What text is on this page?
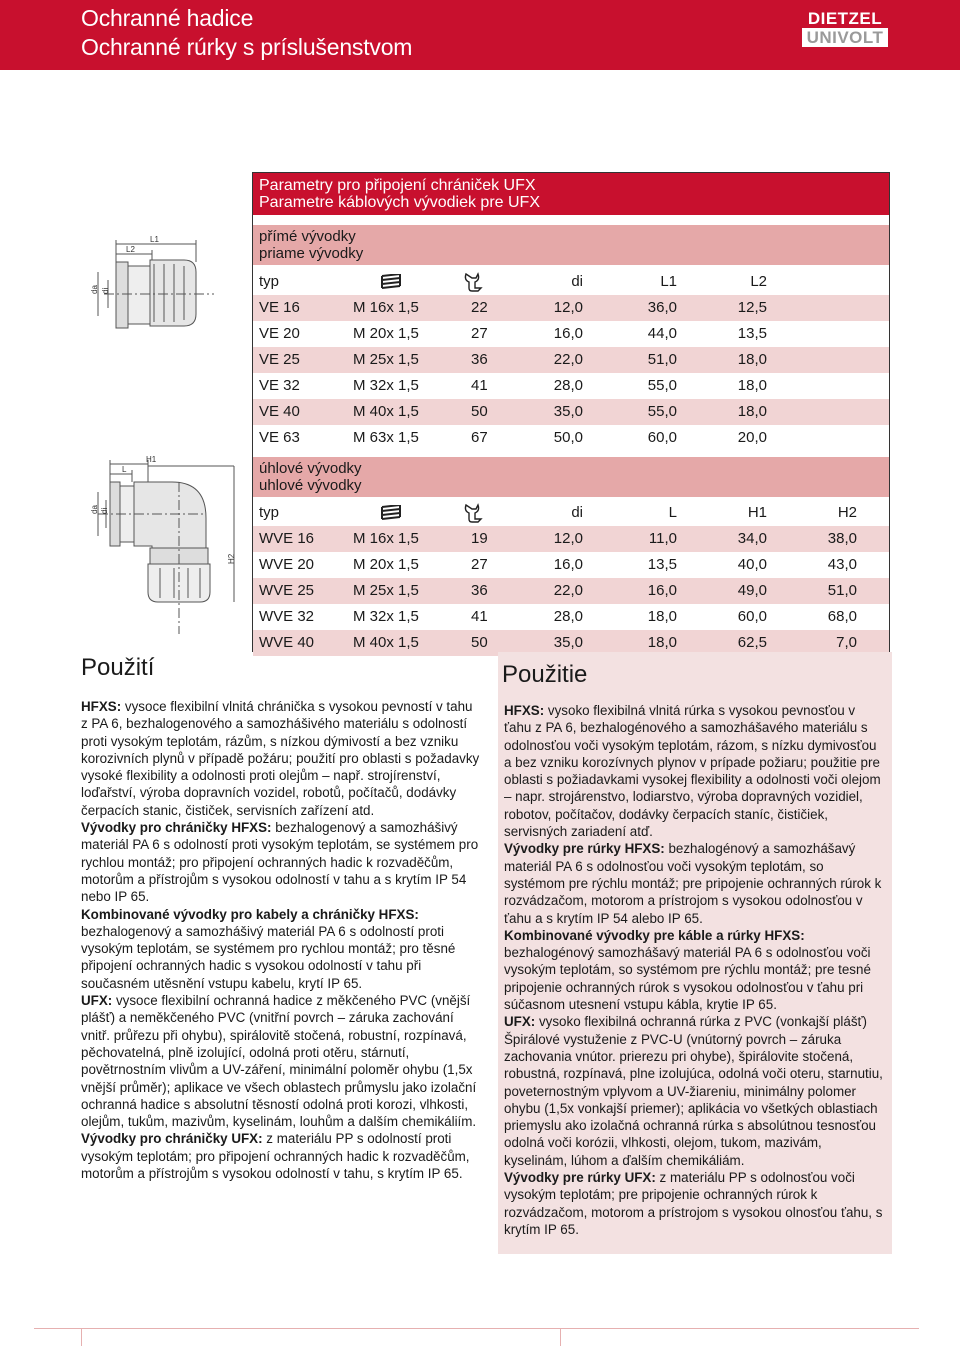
Ochranné hadice
Ochranné rúrky s príslušenstvom
DIETZEL
UNIVOLT
L1
L2
da di
L
H1
H2
da di
Parametry pro připojení chrániček UFX
Parametre káblových vývodiek pre UFX
přímé vývodky
priame vývodky
typ	di	L1	L2
VE 16	M 16x 1,5	22	12,0	36,0	12,5
VE 20	M 20x 1,5	27	16,0	44,0	13,5
VE 25	M 25x 1,5	36	22,0	51,0	18,0
VE 32	M 32x 1,5	41	28,0	55,0	18,0
VE 40	M 40x 1,5	50	35,0	55,0	18,0
VE 63	M 63x 1,5	67	50,0	60,0	20,0
úhlové vývodky
uhlové vývodky
typ	di	L	H1	H2
WVE 16	M 16x 1,5	19	12,0	11,0	34,0	38,0
WVE 20	M 20x 1,5	27	16,0	13,5	40,0	43,0
WVE 25	M 25x 1,5	36	22,0	16,0	49,0	51,0
WVE 32	M 32x 1,5	41	28,0	18,0	60,0	68,0
WVE 40	M 40x 1,5	50	35,0	18,0	62,5	7,0
Použití

HFXS: vysoko flexibilná vlnitá rúrka s vysokou pevnosťou v ťahu z PA 6, bezhalogénového a samozhášavého materiálu s odolnosťou voči vysokým teplotám, rázom, s nízku dymivosťou a bez vzniku korozívnych plynov v prípade požiaru; použitie pre oblasti s požiadavkami vysokej flexibility a odolnosti voči olejom – napr. strojárenstvo, lodiarstvo, výroba dopravných vozidiel, robotov, počítačov, dodávky čerpacích staníc, čističiek, servisných zariadení atď.

Vývodky pre rúrky HFXS: bezhalogénový a samozhášavý materiál PA 6 s odolnosťou voči vysokým teplotám, so systémom pre rýchlu montáž; pre pripojenie ochranných rúrok k rozvádzačom, motorom a prístrojom s vysokou odolnosťou v ťahu a s krytím IP 54 alebo IP 65.

Kombinované vývodky pre káble a rúrky HFXS: bezhalogénový samozhášavý materiál PA 6 s odolnosťou voči vysokým teplotám, so systémom pre rýchlu montáž; pre tesné pripojenie ochranných rúrok s vysokou odolnosťou v ťahu pri súčasnom utesnení vstupu kábla, krytie IP 65.

UFX: vysoko flexibilná ochranná rúrka z PVC (vonkajší plášť) Špirálové vystuženie z PVC-U (vnútorný povrch – záruka zachovania vnútor. prierezu pri ohybe), špirálovite stočená, robustná, rozpínavá, plne izolujúca, odolná voči oteru, starnutiu, poveternostným vplyvom a UV-žiareniu, minimálny polomer ohybu (1,5x vonkajší priemer); aplikácia vo všetkých oblastiach priemyslu ako izolačná ochranná rúrka s absolútnou tesnosťou odolná voči korózii, vlhkosti, olejom, tukom, mazivám, kyselinám, lúhom a ďalším chemikáliám.

Vývodky pre rúrky UFX: z materiálu PP s odolnosťou voči vysokým teplotám; pre pripojenie ochranných rúrok k rozvádzačom, motorom a prístrojom s vysokou olnosťou ťahu, s krytím IP 65.

Použitie

HFXS: vysoce flexibilní vlnitá chránička s vysokou pevností v tahu z PA 6, bezhalogenového a samozhášivého materiálu s odolností proti vysokým teplotám, rázům, s nízkou dýmivostí a bez vzniku korozivních plynů v případě požáru; použití pro oblasti s požadavky vysoké flexibility a odolnosti proti olejům – např. strojírenství, loďařství, výroba dopravních vozidel, robotů, počítačů, dodávky čerpacích stanic, čističek, servisních zařízení atd.

Vývodky pro chráničky HFXS: bezhalogenový a samozhášivý materiál PA 6 s odolností proti vysokým teplotám, se systémem pro rychlou montáž; pro připojení ochranných hadic k rozvaděčům, motorům a přístrojům s vysokou odolností v tahu a s krytím IP 54 nebo IP 65.

Kombinované vývodky pro kabely a chráničky HFXS: bezhalogenový a samozhášivý materiál PA 6 s odolností proti vysokým teplotám, se systémem pro rychlou montáž; pro těsné připojení ochranných hadic s vysokou odolností v tahu při současném utěsnění vstupu kabelu, krytí IP 65.

UFX: vysoce flexibilní ochranná hadice z měkčeného PVC (vnější plášť) a neměkčeného PVC (vnitřní povrch – záruka zachování vnitř. průřezu při ohybu), spirálovitě stočená, robustní, rozpínavá, pěchovatelná, plně izolující, odolná proti otěru, stárnutí, povětrnostním vlivům a UV-záření, minimální poloměr ohybu (1,5x vnější průměr); aplikace ve všech oblastech průmyslu jako izolační ochranná hadice s absolutní těsností odolná proti korozi, vlhkosti, olejům, tukům, mazivům, kyselinám, louhům a dalším chemikáliím.

Vývodky pro chráničky UFX: z materiálu PP s odolností proti vysokým teplotám; pro připojení ochranných hadic k rozvaděčům, motorům a přístrojům s vysokou odolností v tahu, s krytím IP 65.
